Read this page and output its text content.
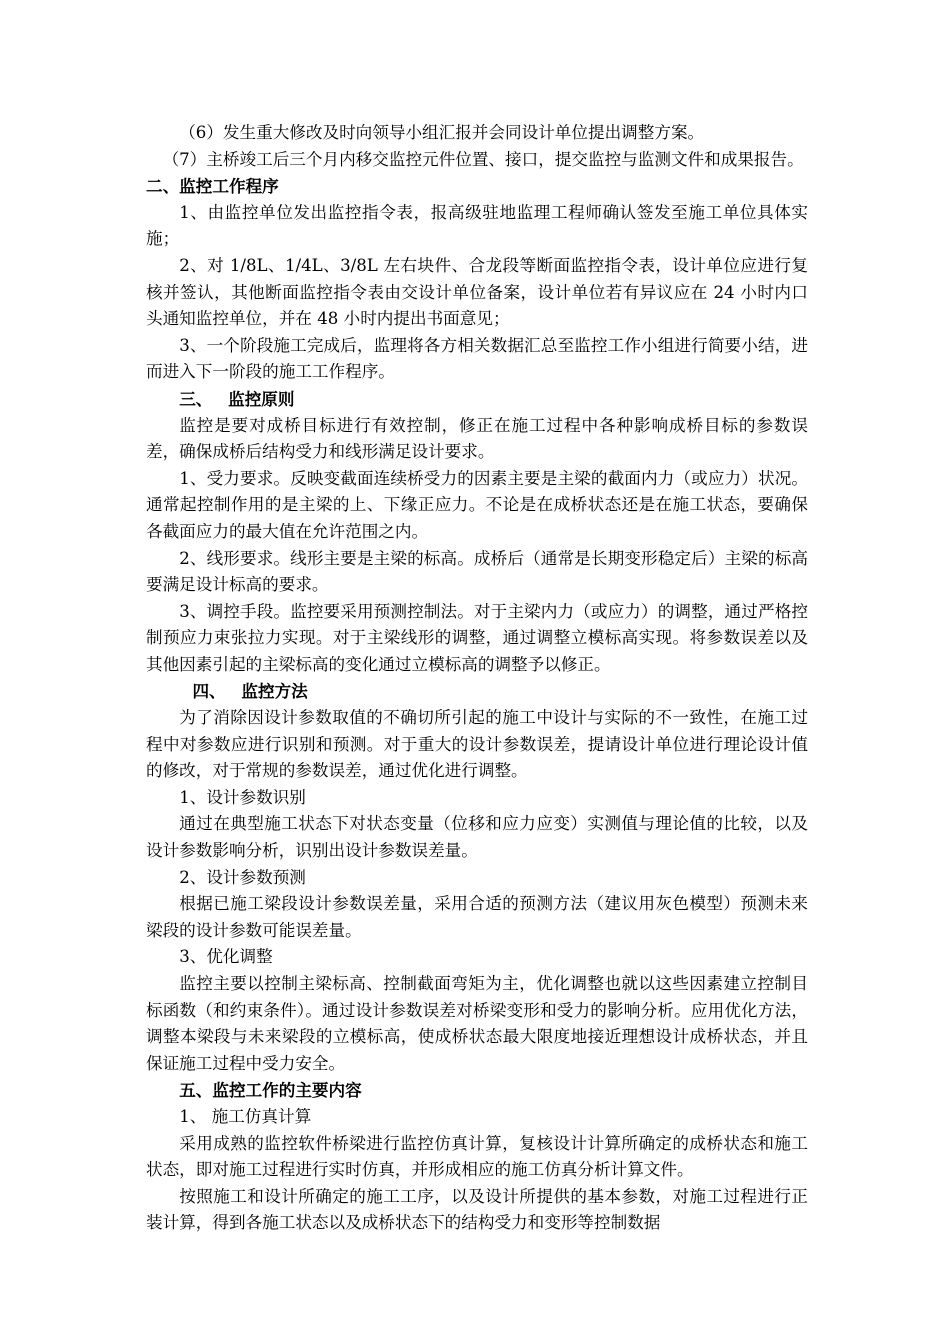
（6）发生重大修改及时向领导小组汇报并会同设计单位提出调整方案。

（7）主桥竣工后三个月内移交监控元件位置、接口，提交监控与监测文件和成果报告。

二、监控工作程序

1、由监控单位发出监控指令表，报高级驻地监理工程师确认签发至施工单位具体实施；

2、对 1/8L、1/4L、3/8L 左右块件、合龙段等断面监控指令表，设计单位应进行复核并签认，其他断面监控指令表由交设计单位备案，设计单位若有异议应在 24 小时内口头通知监控单位，并在 48 小时内提出书面意见；

3、一个阶段施工完成后，监理将各方相关数据汇总至监控工作小组进行简要小结，进而进入下一阶段的施工工作程序。

三、 监控原则

监控是要对成桥目标进行有效控制，修正在施工过程中各种影响成桥目标的参数误差，确保成桥后结构受力和线形满足设计要求。

1、受力要求。反映变截面连续桥受力的因素主要是主梁的截面内力（或应力）状况。通常起控制作用的是主梁的上、下缘正应力。不论是在成桥状态还是在施工状态，要确保各截面应力的最大值在允许范围之内。

2、线形要求。线形主要是主梁的标高。成桥后（通常是长期变形稳定后）主梁的标高要满足设计标高的要求。

3、调控手段。监控要采用预测控制法。对于主梁内力（或应力）的调整，通过严格控制预应力束张拉力实现。对于主梁线形的调整，通过调整立模标高实现。将参数误差以及其他因素引起的主梁标高的变化通过立模标高的调整予以修正。

四、 监控方法

为了消除因设计参数取值的不确切所引起的施工中设计与实际的不一致性，在施工过程中对参数应进行识别和预测。对于重大的设计参数误差，提请设计单位进行理论设计值的修改，对于常规的参数误差，通过优化进行调整。

1、设计参数识别

通过在典型施工状态下对状态变量（位移和应力应变）实测值与理论值的比较，以及设计参数影响分析，识别出设计参数误差量。

2、设计参数预测

根据已施工梁段设计参数误差量，采用合适的预测方法（建议用灰色模型）预测未来梁段的设计参数可能误差量。

3、优化调整

监控主要以控制主梁标高、控制截面弯矩为主，优化调整也就以这些因素建立控制目标函数（和约束条件）。通过设计参数误差对桥梁变形和受力的影响分析。应用优化方法，调整本梁段与未来梁段的立模标高，使成桥状态最大限度地接近理想设计成桥状态，并且保证施工过程中受力安全。

五、监控工作的主要内容

1、 施工仿真计算

采用成熟的监控软件桥梁进行监控仿真计算，复核设计计算所确定的成桥状态和施工状态，即对施工过程进行实时仿真，并形成相应的施工仿真分析计算文件。

按照施工和设计所确定的施工工序，以及设计所提供的基本参数，对施工过程进行正装计算，得到各施工状态以及成桥状态下的结构受力和变形等控制数据
